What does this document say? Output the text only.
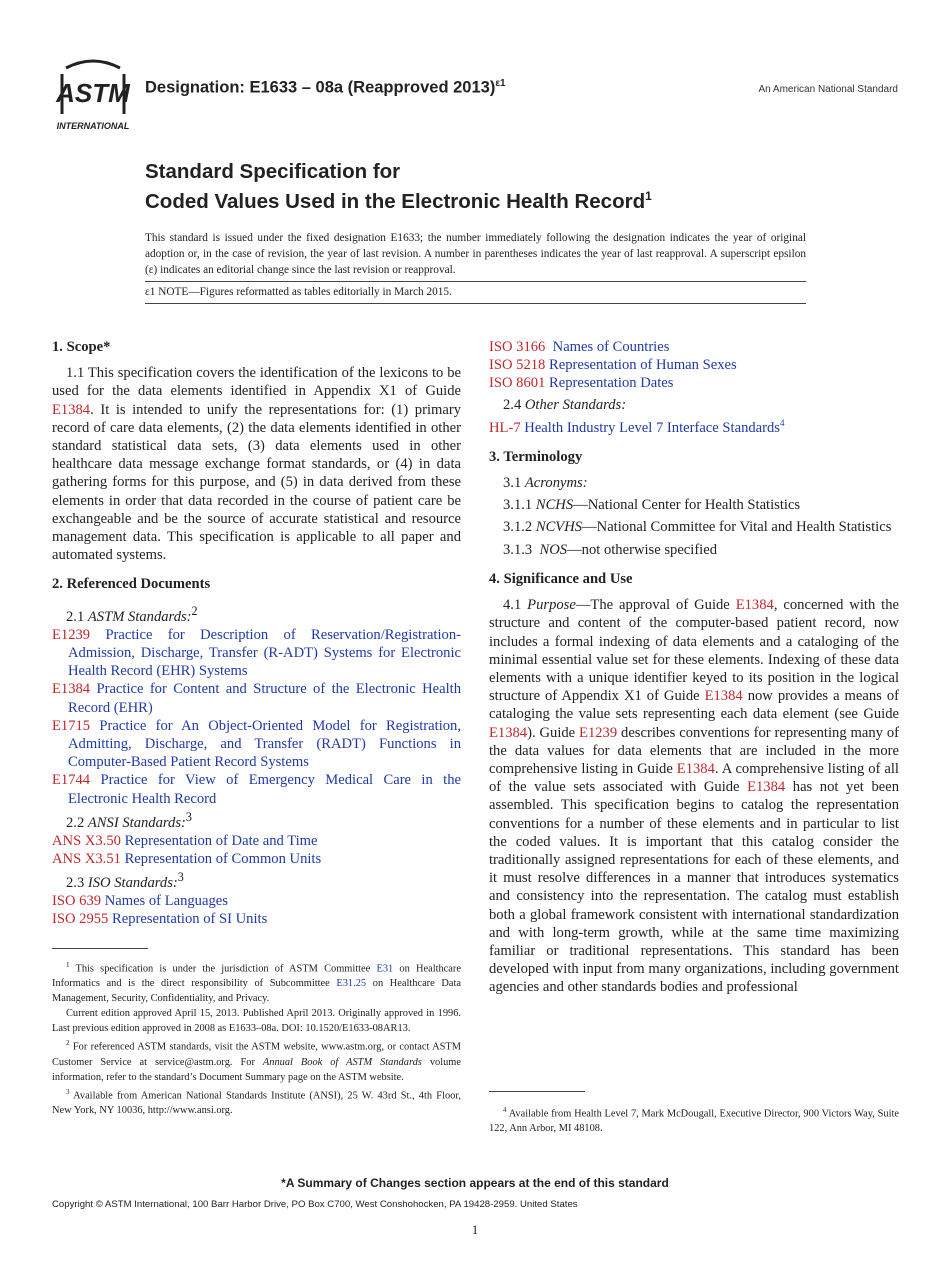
ASTM
INTERNATIONAL
Designation: E1633 – 08a (Reapproved 2013)$^{\varepsilon 1}$
An American National Standard
Standard Specification for
Coded Values Used in the Electronic Health Record$^1$
This standard is issued under the fixed designation E1633; the number immediately following the designation indicates the year of original adoption or, in the case of revision, the year of last revision. A number in parentheses indicates the year of last reapproval. A superscript epsilon (ε) indicates an editorial change since the last revision or reapproval.
ε1 NOTE—Figures reformatted as tables editorially in March 2015.

1. Scope*

1.1 This specification covers the identification of the lexicons to be used for the data elements identified in Appendix X1 of Guide E1384. It is intended to unify the representations for: (1) primary record of care data elements, (2) the data elements identified in other standard statistical data sets, (3) data elements used in other healthcare data message exchange format standards, or (4) in data gathering forms for this purpose, and (5) in data derived from these elements in order that data recorded in the course of patient care be exchangeable and be the source of accurate statistical and resource management data. This specification is applicable to all paper and automated systems.

2. Referenced Documents

2.1 ASTM Standards:$^2$

E1239 Practice for Description of Reservation/Registration-Admission, Discharge, Transfer (R-ADT) Systems for Electronic Health Record (EHR) Systems

E1384 Practice for Content and Structure of the Electronic Health Record (EHR)

E1715 Practice for An Object-Oriented Model for Registration, Admitting, Discharge, and Transfer (RADT) Functions in Computer-Based Patient Record Systems

E1744 Practice for View of Emergency Medical Care in the Electronic Health Record

2.2 ANSI Standards:$^3$

ANS X3.50 Representation of Date and Time

ANS X3.51 Representation of Common Units

2.3 ISO Standards:$^3$

ISO 639 Names of Languages

ISO 2955 Representation of SI Units

ISO 3166  Names of Countries

ISO 5218 Representation of Human Sexes

ISO 8601 Representation Dates

2.4 Other Standards:

HL-7 Health Industry Level 7 Interface Standards$^4$

3. Terminology

3.1 Acronyms:

3.1.1 NCHS—National Center for Health Statistics

3.1.2 NCVHS—National Committee for Vital and Health Statistics

3.1.3  NOS—not otherwise specified

4. Significance and Use

4.1 Purpose—The approval of Guide E1384, concerned with the structure and content of the computer-based patient record, now includes a formal indexing of data elements and a cataloging of the minimal essential value set for these elements. Indexing of these data elements with a unique identifier keyed to its position in the logical structure of Appendix X1 of Guide E1384 now provides a means of cataloging the value sets representing each data element (see Guide E1384). Guide E1239 describes conventions for representing many of the data values for data elements that are included in the more comprehensive listing in Guide E1384. A comprehensive listing of all of the value sets associated with Guide E1384 has not yet been assembled. This specification begins to catalog the representation conventions for a number of these elements and in particular to list the coded values. It is important that this catalog consider the traditionally assigned representations for each of these elements, and it must resolve differences in a manner that introduces systematics and consistency into the representation. The catalog must establish both a global framework consistent with international standardization and with long-term growth, while at the same time maximizing familiar or traditional representations. This standard has been developed with input from many organizations, including government agencies and other standards bodies and professional

$^1$ This specification is under the jurisdiction of ASTM Committee E31 on Healthcare Informatics and is the direct responsibility of Subcommittee E31.25 on Healthcare Data Management, Security, Confidentiality, and Privacy.

Current edition approved April 15, 2013. Published April 2013. Originally approved in 1996. Last previous edition approved in 2008 as E1633–08a. DOI: 10.1520/E1633-08AR13.

$^2$ For referenced ASTM standards, visit the ASTM website, www.astm.org, or contact ASTM Customer Service at service@astm.org. For Annual Book of ASTM Standards volume information, refer to the standard’s Document Summary page on the ASTM website.

$^3$ Available from American National Standards Institute (ANSI), 25 W. 43rd St., 4th Floor, New York, NY 10036, http://www.ansi.org.	$^4$ Available from Health Level 7, Mark McDougall, Executive Director, 900 Victors Way, Suite 122, Ann Arbor, MI 48108.

*A Summary of Changes section appears at the end of this standard
Copyright © ASTM International, 100 Barr Harbor Drive, PO Box C700, West Conshohocken, PA 19428-2959. United States
1
